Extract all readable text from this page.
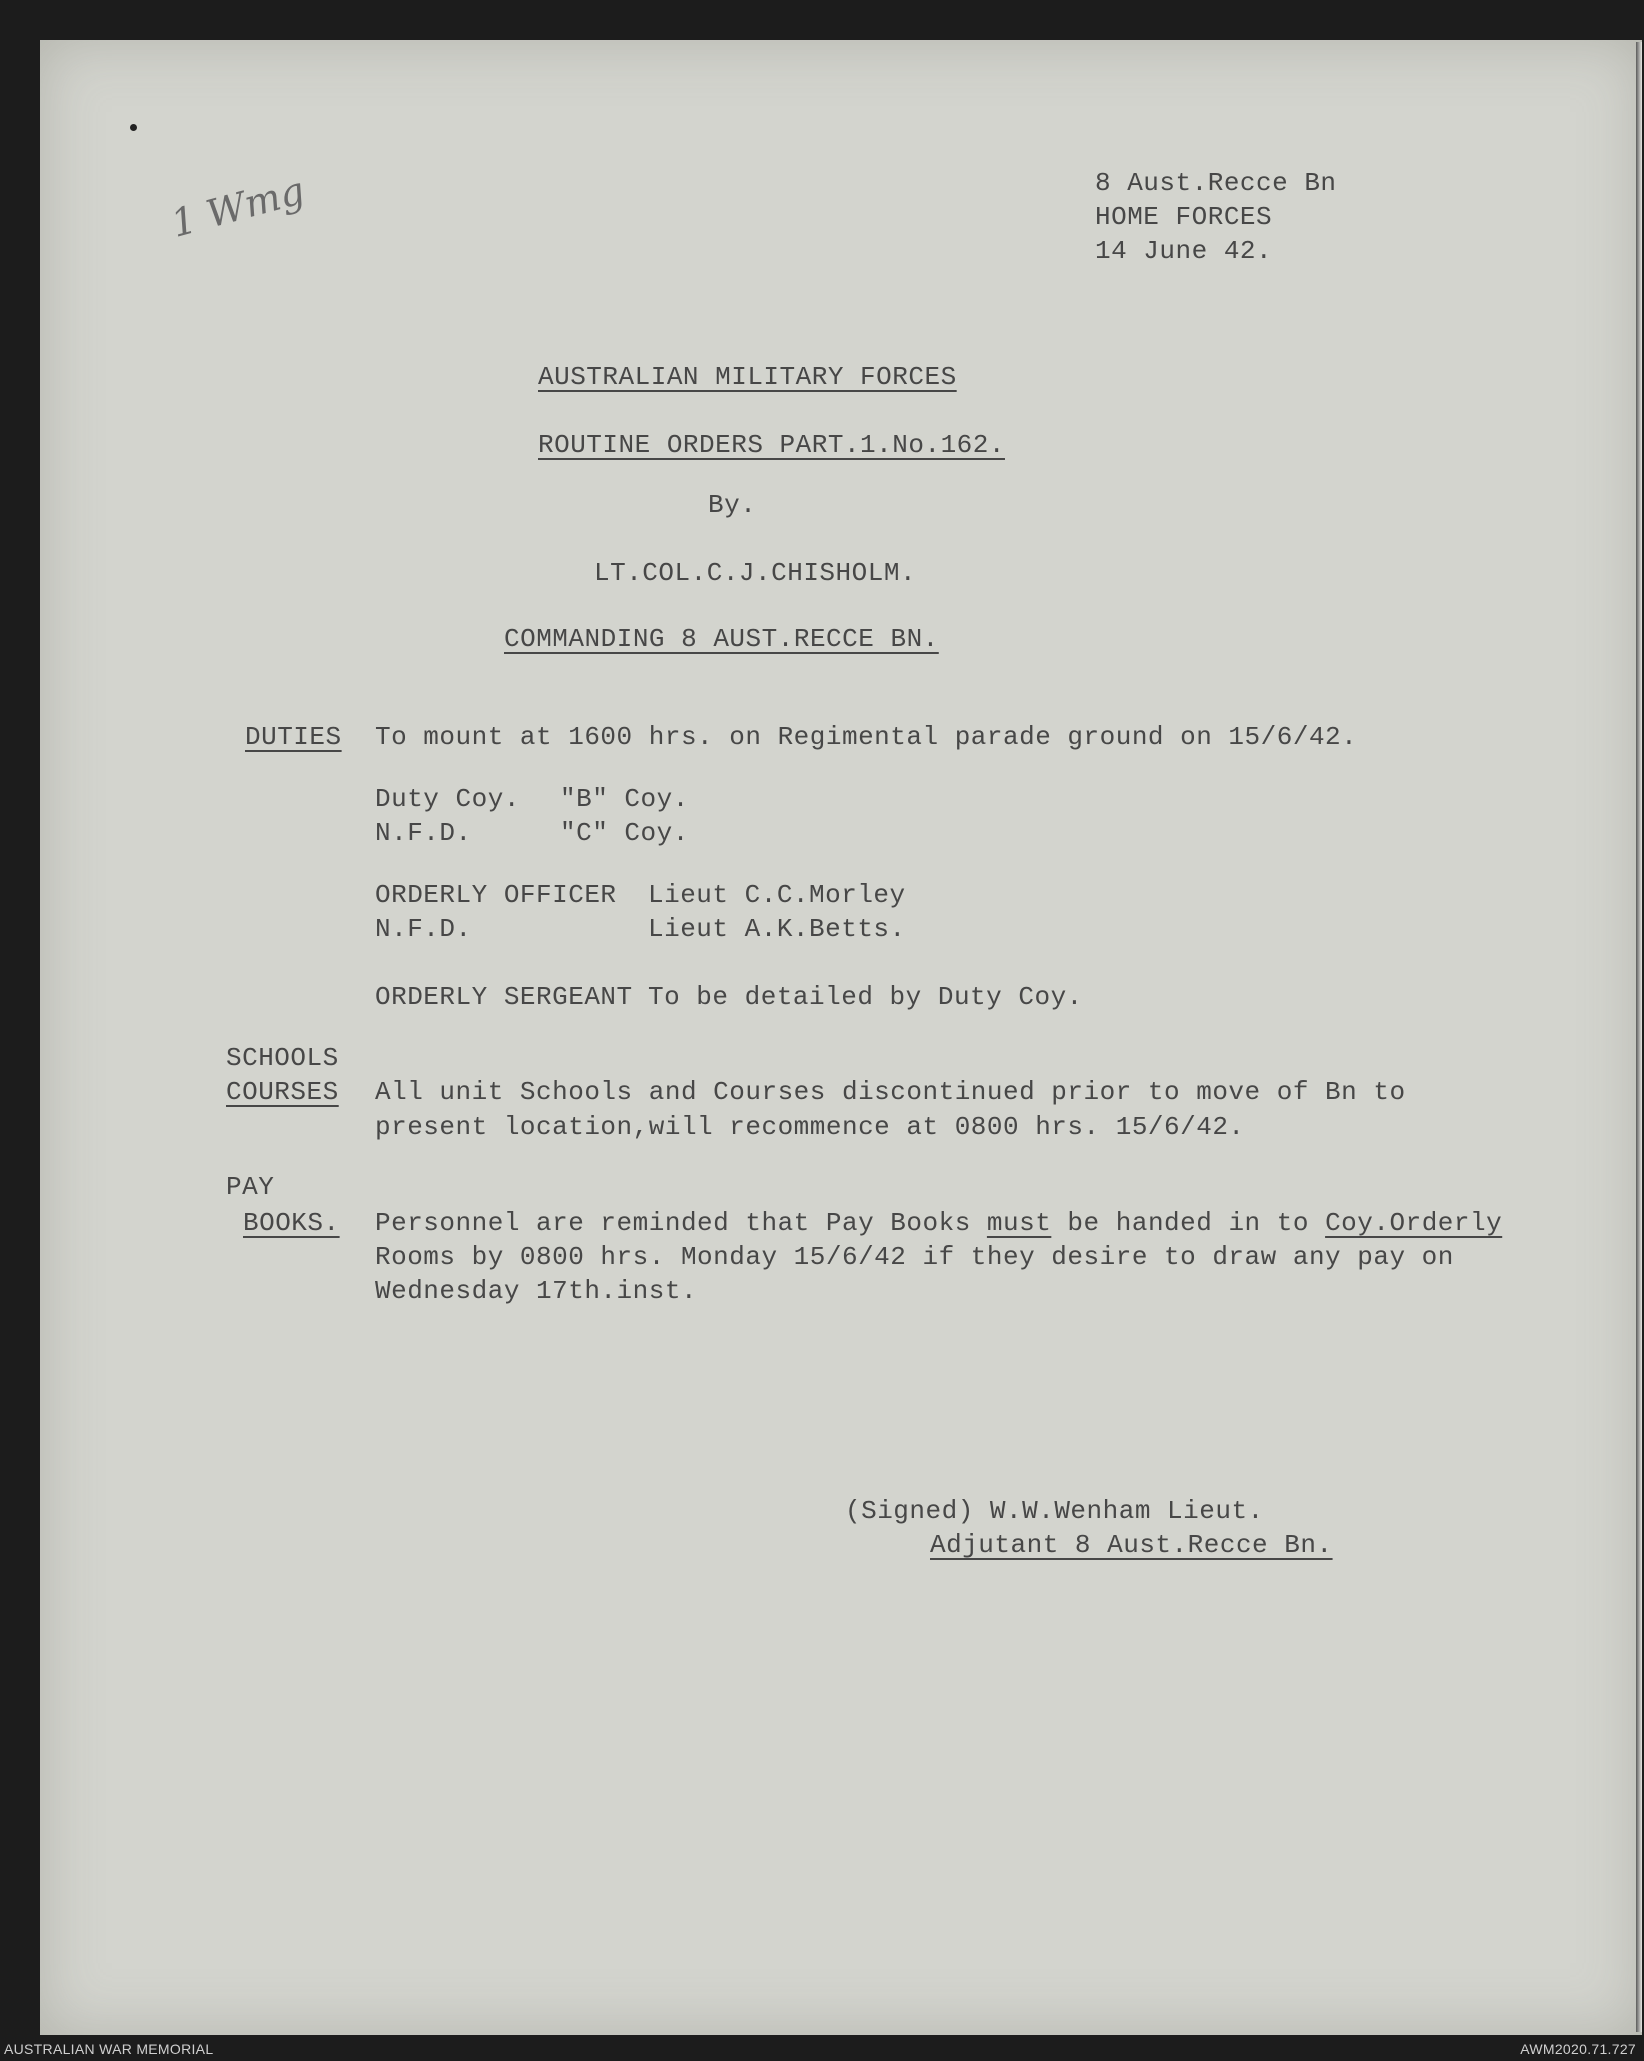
1 Wmg	8 Aust.Recce Bn
HOME FORCES
14 June 42.
AUSTRALIAN MILITARY FORCES
ROUTINE ORDERS PART.1.No.162.
By.
LT.COL.C.J.CHISHOLM.
COMMANDING 8 AUST.RECCE BN.
DUTIES To mount at 1600 hrs. on Regimental parade ground on 15/6/42.
Duty Coy. "B" Coy.
N.F.D.	"C" Coy.
ORDERLY OFFICER Lieut C.C.Morley
N.F.D.	Lieut A.K.Betts.
ORDERLY SERGEANT To be detailed by Duty Coy.
SCHOOLS
COURSES All unit Schools and Courses discontinued prior to move of Bn to
present location,will recommence at 0800 hrs. 15/6/42.
PAY
BOOKS. Personnel are reminded that Pay Books must be handed in to Coy.Orderly
Rooms by 0800 hrs. Monday 15/6/42 if they desire to draw any pay on
Wednesday 17th.inst.
(Signed) W.W.Wenham Lieut.
Adjutant 8 Aust.Recce Bn.
AUSTRALIAN WAR MEMORIAL	AWM2020.71.727
